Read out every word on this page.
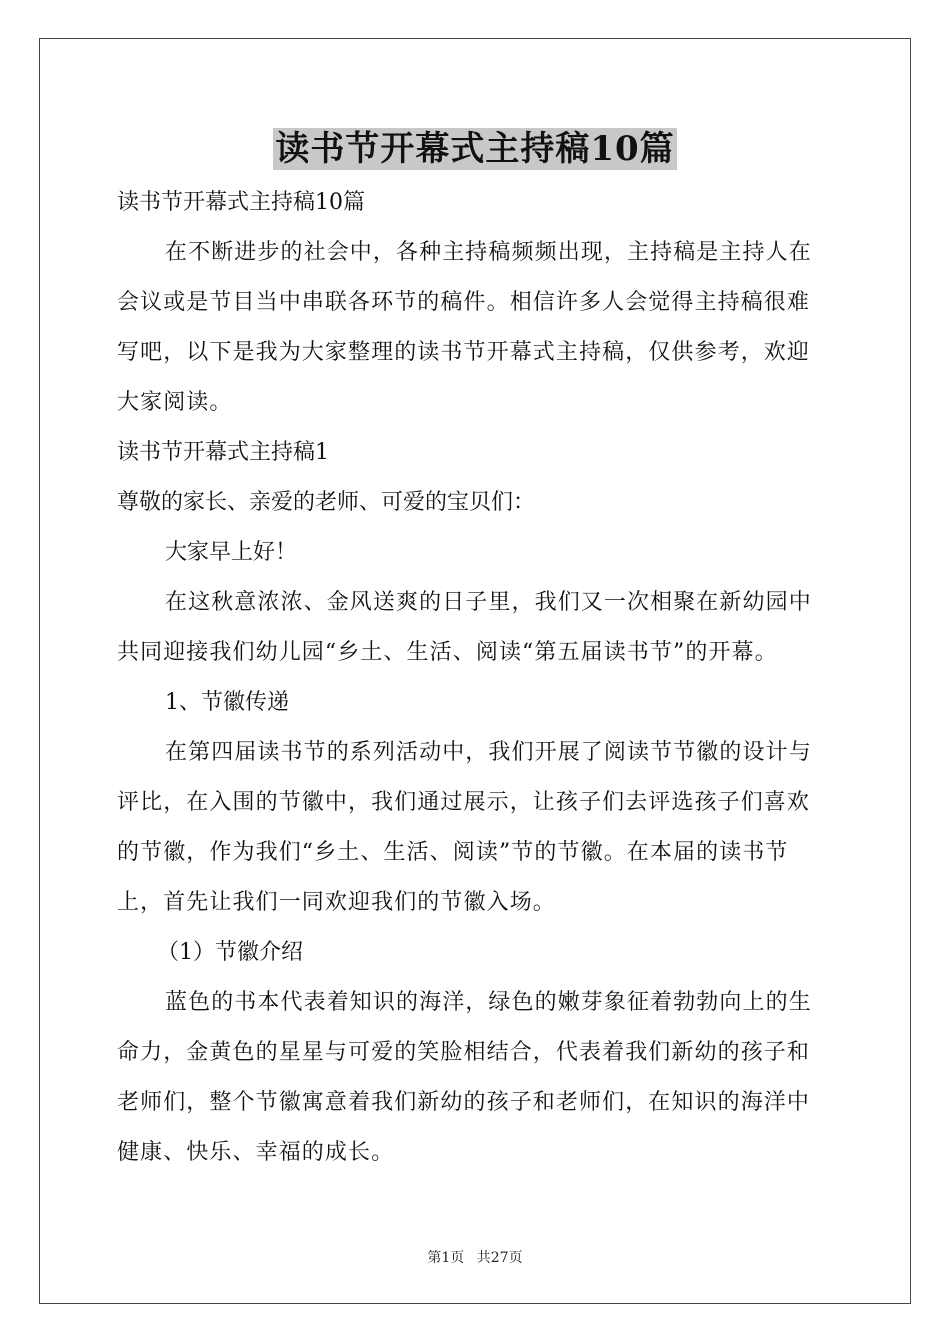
读书节开幕式主持稿10篇

读书节开幕式主持稿10篇

在不断进步的社会中，各种主持稿频频出现，主持稿是主持人在会议或是节目当中串联各环节的稿件。相信许多人会觉得主持稿很难写吧，以下是我为大家整理的读书节开幕式主持稿，仅供参考，欢迎大家阅读。

读书节开幕式主持稿1

尊敬的家长、亲爱的老师、可爱的宝贝们：

大家早上好！

在这秋意浓浓、金风送爽的日子里，我们又一次相聚在新幼园中共同迎接我们幼儿园“乡土、生活、阅读“第五届读书节”的开幕。

1、节徽传递

在第四届读书节的系列活动中，我们开展了阅读节节徽的设计与评比，在入围的节徽中，我们通过展示，让孩子们去评选孩子们喜欢的节徽，作为我们“乡土、生活、阅读”节的节徽。在本届的读书节上，首先让我们一同欢迎我们的节徽入场。

（1）节徽介绍

蓝色的书本代表着知识的海洋，绿色的嫩芽象征着勃勃向上的生命力，金黄色的星星与可爱的笑脸相结合，代表着我们新幼的孩子和老师们，整个节徽寓意着我们新幼的孩子和老师们，在知识的海洋中健康、快乐、幸福的成长。

第1页 共27页
